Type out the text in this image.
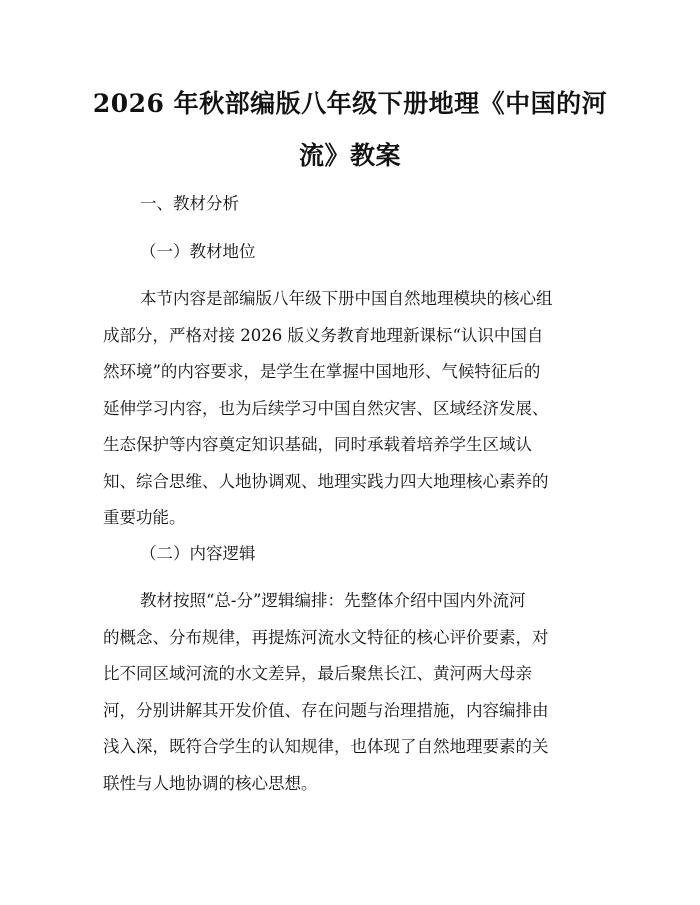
2026 年秋部编版八年级下册地理《中国的河
流》教案

一、教材分析

（一）教材地位

本节内容是部编版八年级下册中国自然地理模块的核心组
成部分，严格对接 2026 版义务教育地理新课标“认识中国自
然环境”的内容要求，是学生在掌握中国地形、气候特征后的
延伸学习内容，也为后续学习中国自然灾害、区域经济发展、
生态保护等内容奠定知识基础，同时承载着培养学生区域认
知、综合思维、人地协调观、地理实践力四大地理核心素养的
重要功能。

（二）内容逻辑

教材按照“总-分”逻辑编排：先整体介绍中国内外流河
的概念、分布规律，再提炼河流水文特征的核心评价要素，对
比不同区域河流的水文差异，最后聚焦长江、黄河两大母亲
河，分别讲解其开发价值、存在问题与治理措施，内容编排由
浅入深，既符合学生的认知规律，也体现了自然地理要素的关
联性与人地协调的核心思想。
